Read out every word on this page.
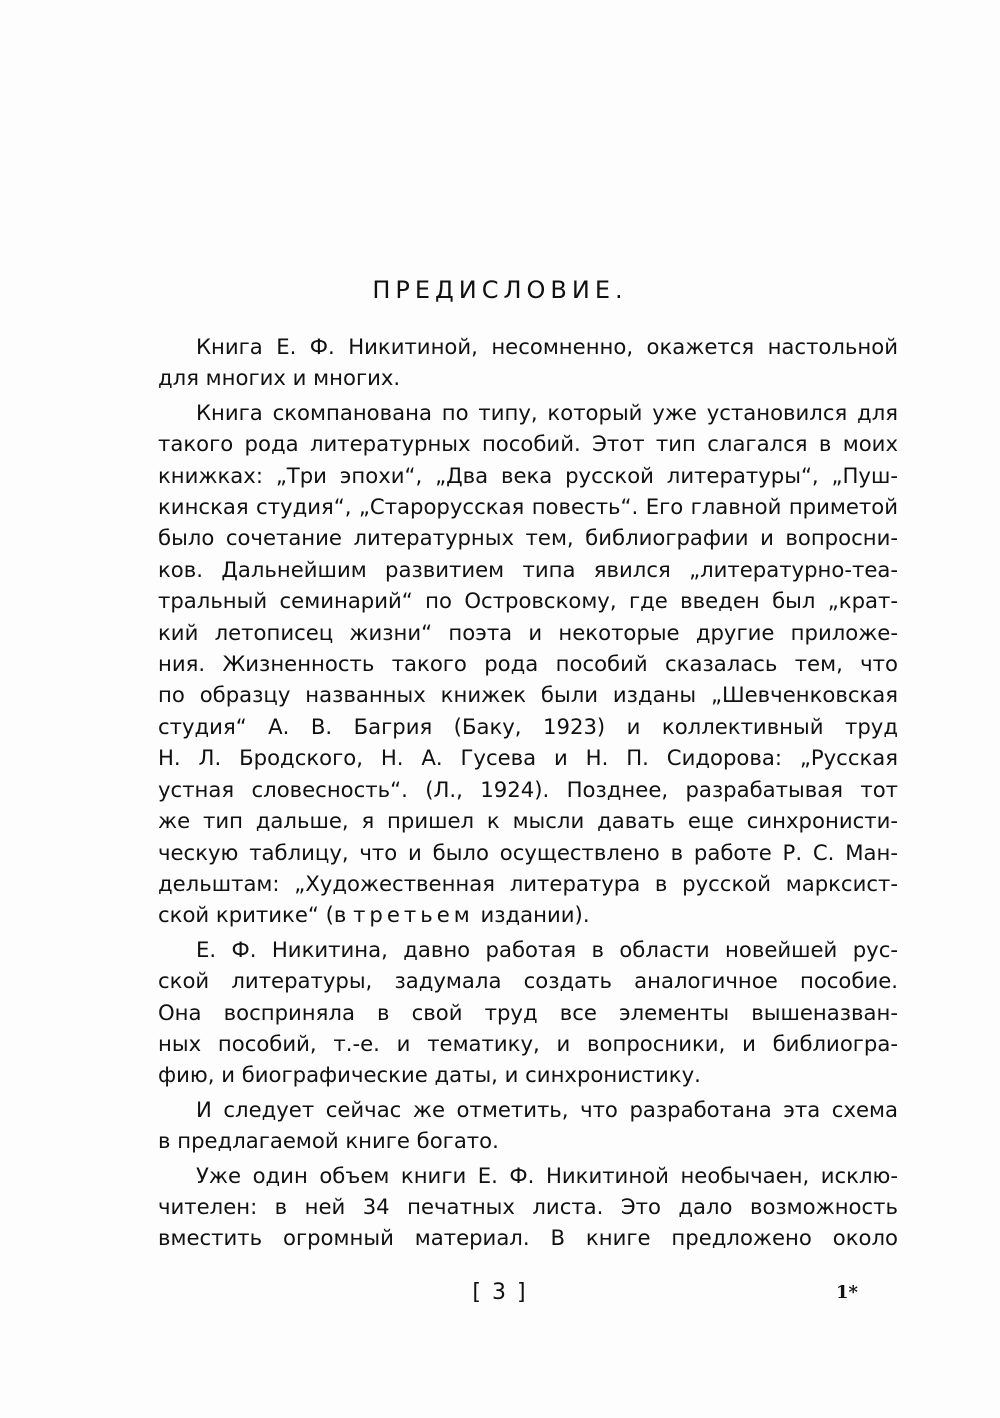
ПРЕДИСЛОВИЕ.

Книга Е. Ф. Никитиной, несомненно, окажется настольной
для многих и многих.

Книга скомпанована по типу, который уже установился для
такого рода литературных пособий. Этот тип слагался в моих
книжках: „Три эпохи“, „Два века русской литературы“, „Пуш-
кинская студия“, „Старорусская повесть“. Его главной приметой
было сочетание литературных тем, библиографии и вопросни-
ков. Дальнейшим развитием типа явился „литературно-теа-
тральный семинарий“ по Островскому, где введен был „крат-
кий летописец жизни“ поэта и некоторые другие приложе-
ния. Жизненность такого рода пособий сказалась тем, что
по образцу названных книжек были изданы „Шевченковская
студия“ А. В. Багрия (Баку, 1923) и коллективный труд
Н. Л. Бродского, Н. А. Гусева и Н. П. Сидорова: „Русская
устная словесность“. (Л., 1924). Позднее, разрабатывая тот
же тип дальше, я пришел к мысли давать еще синхронисти-
ческую таблицу, что и было осуществлено в работе Р. С. Ман-
дельштам: „Художественная литература в русской марксист-
ской критике“ (в третьем издании).

Е. Ф. Никитина, давно работая в области новейшей рус-
ской литературы, задумала создать аналогичное пособие.
Она восприняла в свой труд все элементы вышеназван-
ных пособий, т.-е. и тематику, и вопросники, и библиогра-
фию, и биографические даты, и синхронистику.

И следует сейчас же отметить, что разработана эта схема
в предлагаемой книге богато.

Уже один объем книги Е. Ф. Никитиной необычаен, исклю-
чителен: в ней 34 печатных листа. Это дало возможность
вместить огромный материал. В книге предложено около

[ 3 ]	1*
